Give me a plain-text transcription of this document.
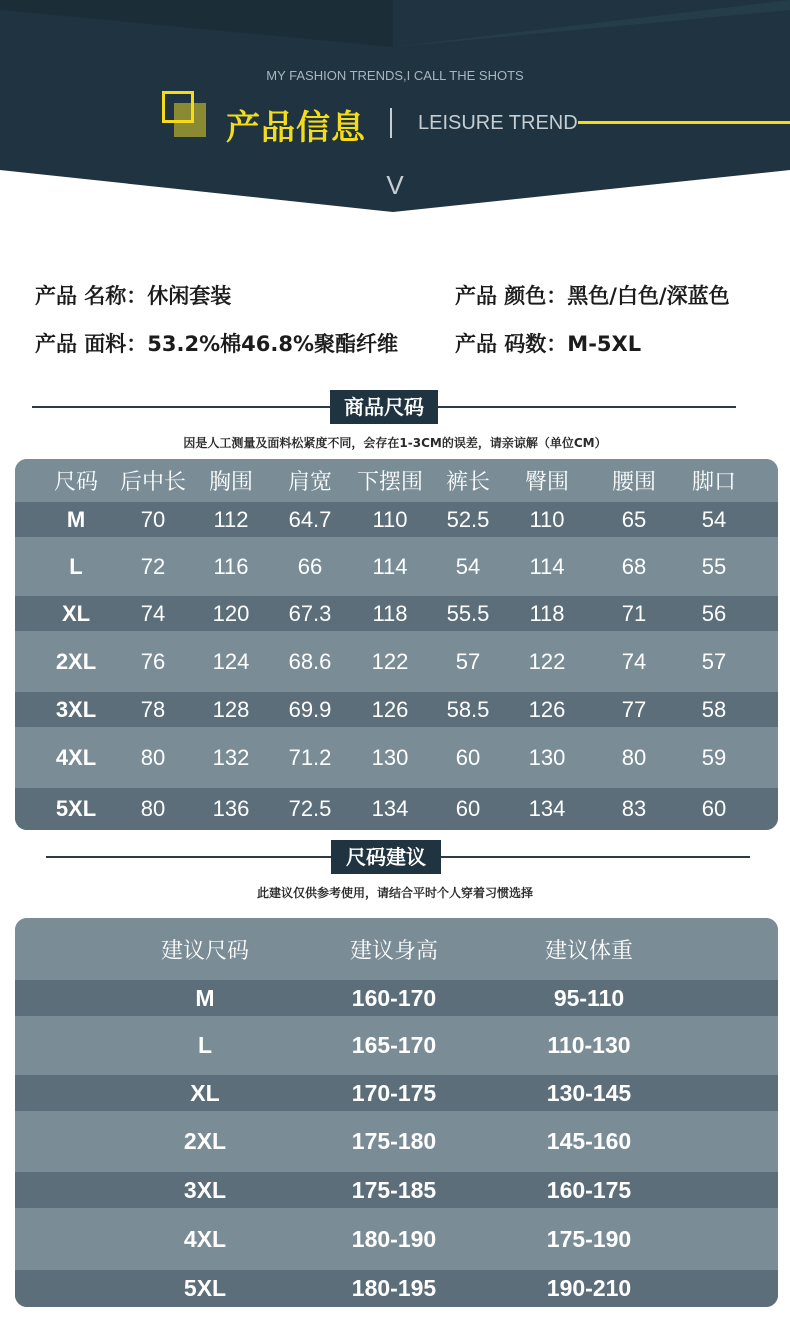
MY FASHION TRENDS,I CALL THE SHOTS
产品信息	LEISURE TREND
V
产品 名称：休闲套装	产品 颜色：黑色/白色/深蓝色
产品 面料：53.2%棉46.8%聚酯纤维	产品 码数：M-5XL
商品尺码
因是人工测量及面料松紧度不同，会存在1-3CM的误差，请亲谅解（单位CM）
尺码 后中长	胸围	肩宽	下摆围	裤长	臀围	腰围	脚口
M	70	112	64.7	110	52.5	110	65	54
L	72	116	66	114	54	114	68	55
XL	74	120	67.3	118	55.5	118	71	56
2XL	76	124	68.6	122	57	122	74	57
3XL	78	128	69.9	126	58.5	126	77	58
4XL	80	132	71.2	130	60	130	80	59
5XL	80	136	72.5	134	60	134	83	60
尺码建议
此建议仅供参考使用，请结合平时个人穿着习惯选择
建议尺码	建议身高	建议体重
M	160-170	95-110
L	165-170	110-130
XL	170-175	130-145
2XL	175-180	145-160
3XL	175-185	160-175
4XL	180-190	175-190
5XL	180-195	190-210
